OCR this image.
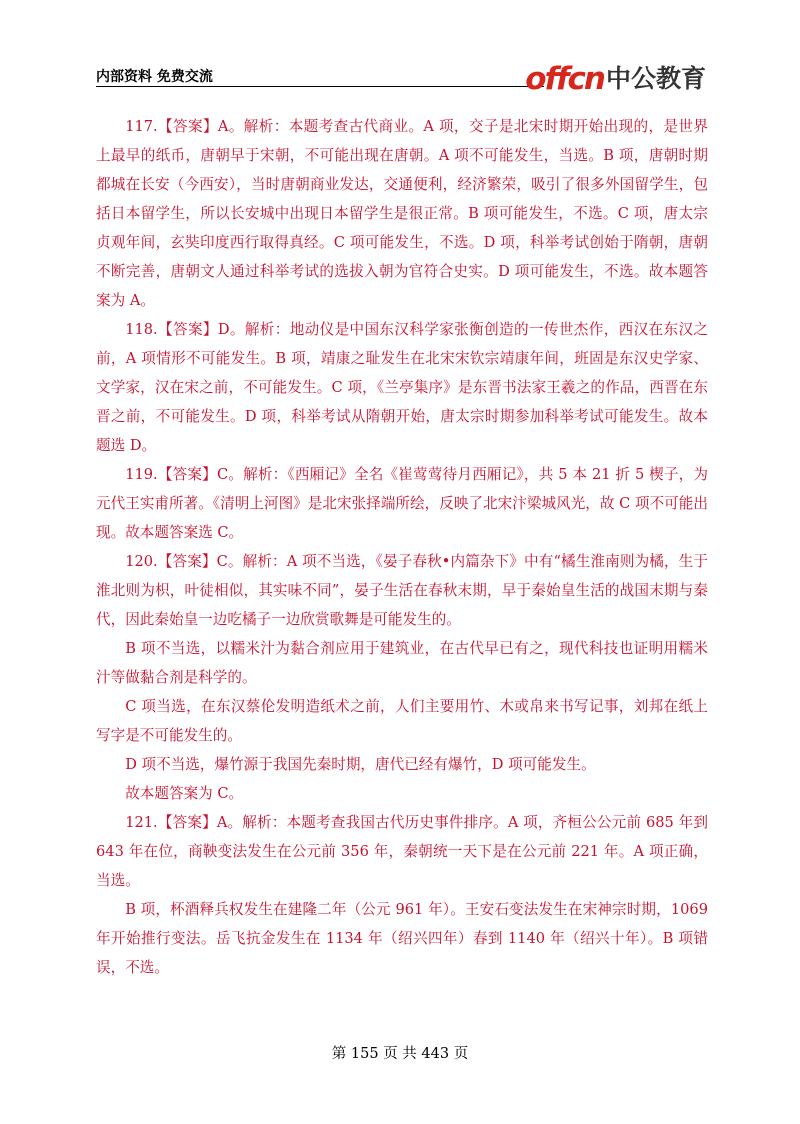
内部资料 免费交流	offcn 中公教育

117.【答案】A。解析：本题考查古代商业。A 项，交子是北宋时期开始出现的，是世界上最早的纸币，唐朝早于宋朝，不可能出现在唐朝。A 项不可能发生，当选。B 项，唐朝时期都城在长安（今西安），当时唐朝商业发达，交通便利，经济繁荣，吸引了很多外国留学生，包括日本留学生，所以长安城中出现日本留学生是很正常。B 项可能发生，不选。C 项，唐太宗贞观年间，玄奘印度西行取得真经。C 项可能发生，不选。D 项，科举考试创始于隋朝，唐朝不断完善，唐朝文人通过科举考试的选拔入朝为官符合史实。D 项可能发生，不选。故本题答案为 A。

118.【答案】D。解析：地动仪是中国东汉科学家张衡创造的一传世杰作，西汉在东汉之前，A 项情形不可能发生。B 项，靖康之耻发生在北宋宋钦宗靖康年间，班固是东汉史学家、文学家，汉在宋之前，不可能发生。C 项，《兰亭集序》是东晋书法家王羲之的作品，西晋在东晋之前，不可能发生。D 项，科举考试从隋朝开始，唐太宗时期参加科举考试可能发生。故本题选 D。

119.【答案】C。解析：《西厢记》全名《崔莺莺待月西厢记》，共 5 本 21 折 5 楔子，为元代王实甫所著。《清明上河图》是北宋张择端所绘，反映了北宋汴梁城风光，故 C 项不可能出现。故本题答案选 C。

120.【答案】C。解析：A 项不当选，《晏子春秋•内篇杂下》中有“橘生淮南则为橘，生于淮北则为枳，叶徒相似，其实味不同”，晏子生活在春秋末期，早于秦始皇生活的战国末期与秦代，因此秦始皇一边吃橘子一边欣赏歌舞是可能发生的。

B 项不当选，以糯米汁为黏合剂应用于建筑业，在古代早已有之，现代科技也证明用糯米汁等做黏合剂是科学的。

C 项当选，在东汉蔡伦发明造纸术之前，人们主要用竹、木或帛来书写记事，刘邦在纸上写字是不可能发生的。

D 项不当选，爆竹源于我国先秦时期，唐代已经有爆竹，D 项可能发生。

故本题答案为 C。

121.【答案】A。解析：本题考查我国古代历史事件排序。A 项，齐桓公公元前 685 年到 643 年在位，商鞅变法发生在公元前 356 年，秦朝统一天下是在公元前 221 年。A 项正确，当选。

B 项，杯酒释兵权发生在建隆二年（公元 961 年）。王安石变法发生在宋神宗时期，1069 年开始推行变法。岳飞抗金发生在 1134 年（绍兴四年）春到 1140 年（绍兴十年）。B 项错误，不选。

第 155 页 共 443 页
